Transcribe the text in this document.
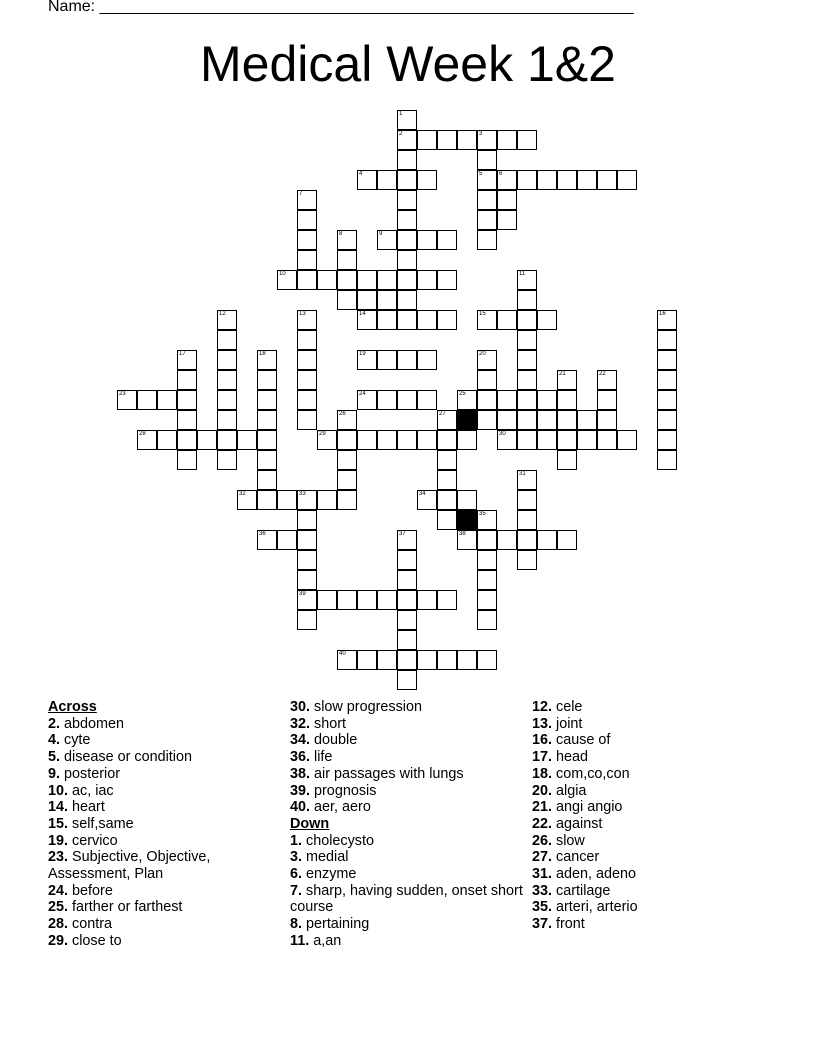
Name: ____________________________________________________________
Medical Week 1&2
1
2	3
4	5	6
7
8	9
10	11
12	13	14	15	16
17	18	19	20
21	22
23	24	25
26	27
28	29	30
31
32	33	34
35
36	37	38
39
40
Across
2. abdomen
4. cyte
5. disease or condition
9. posterior
10. ac, iac
14. heart
15. self,same
19. cervico
23. Subjective, Objective, Assessment, Plan
24. before
25. farther or farthest
28. contra
29. close to
30. slow progression
32. short
34. double
36. life
38. air passages with lungs
39. prognosis
40. aer, aero
Down
1. cholecysto
3. medial
6. enzyme
7. sharp, having sudden, onset short course
8. pertaining
11. a,an
12. cele
13. joint
16. cause of
17. head
18. com,co,con
20. algia
21. angi angio
22. against
26. slow
27. cancer
31. aden, adeno
33. cartilage
35. arteri, arterio
37. front
